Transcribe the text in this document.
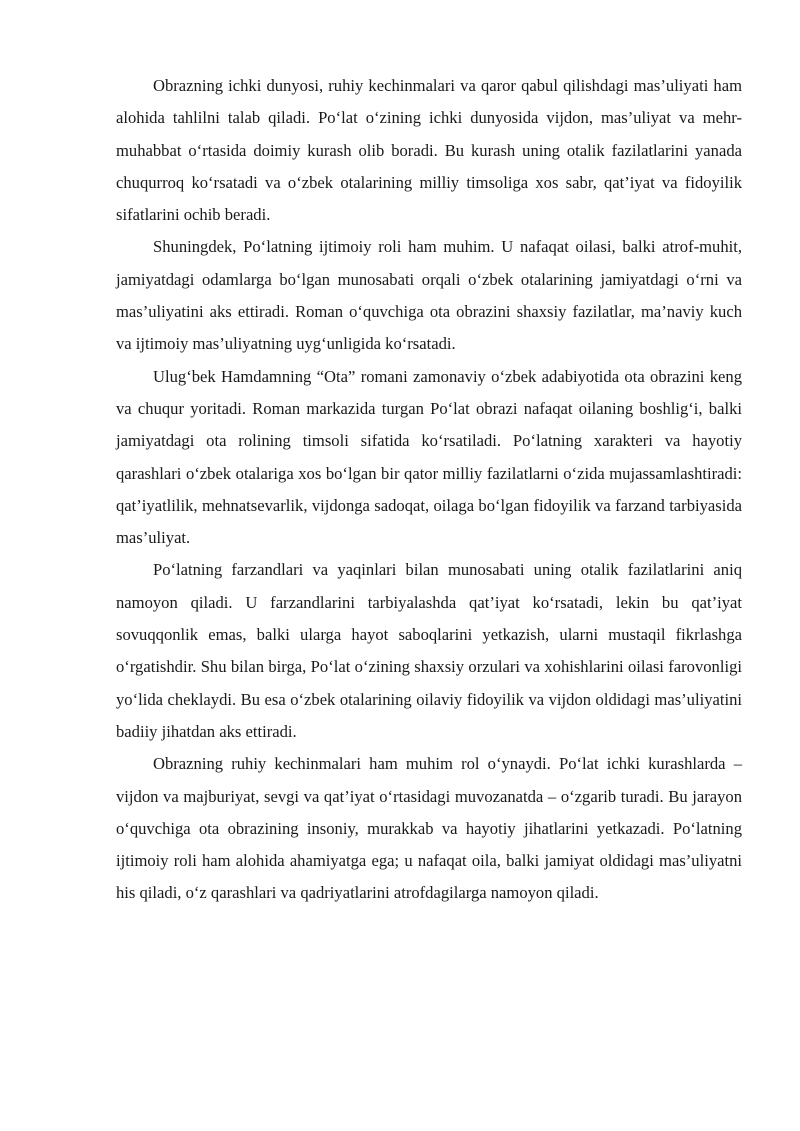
Obrazning ichki dunyosi, ruhiy kechinmalari va qaror qabul qilishdagi mas’uliyati ham alohida tahlilni talab qiladi. Po‘lat o‘zining ichki dunyosida vijdon, mas’uliyat va mehr-muhabbat o‘rtasida doimiy kurash olib boradi. Bu kurash uning otalik fazilatlarini yanada chuqurroq ko‘rsatadi va o‘zbek otalarining milliy timsoliga xos sabr, qat’iyat va fidoyilik sifatlarini ochib beradi.

Shuningdek, Po‘latning ijtimoiy roli ham muhim. U nafaqat oilasi, balki atrof-muhit, jamiyatdagi odamlarga bo‘lgan munosabati orqali o‘zbek otalarining jamiyatdagi o‘rni va mas’uliyatini aks ettiradi. Roman o‘quvchiga ota obrazini shaxsiy fazilatlar, ma’naviy kuch va ijtimoiy mas’uliyatning uyg‘unligida ko‘rsatadi.

Ulug‘bek Hamdamning “Ota” romani zamonaviy o‘zbek adabiyotida ota obrazini keng va chuqur yoritadi. Roman markazida turgan Po‘lat obrazi nafaqat oilaning boshlig‘i, balki jamiyatdagi ota rolining timsoli sifatida ko‘rsatiladi. Po‘latning xarakteri va hayotiy qarashlari o‘zbek otalariga xos bo‘lgan bir qator milliy fazilatlarni o‘zida mujassamlashtiradi: qat’iyatlilik, mehnatsevarlik, vijdonga sadoqat, oilaga bo‘lgan fidoyilik va farzand tarbiyasida mas’uliyat.

Po‘latning farzandlari va yaqinlari bilan munosabati uning otalik fazilatlarini aniq namoyon qiladi. U farzandlarini tarbiyalashda qat’iyat ko‘rsatadi, lekin bu qat’iyat sovuqqonlik emas, balki ularga hayot saboqlarini yetkazish, ularni mustaqil fikrlashga o‘rgatishdir. Shu bilan birga, Po‘lat o‘zining shaxsiy orzulari va xohishlarini oilasi farovonligi yo‘lida cheklaydi. Bu esa o‘zbek otalarining oilaviy fidoyilik va vijdon oldidagi mas’uliyatini badiiy jihatdan aks ettiradi.

Obrazning ruhiy kechinmalari ham muhim rol o‘ynaydi. Po‘lat ichki kurashlarda – vijdon va majburiyat, sevgi va qat’iyat o‘rtasidagi muvozanatda – o‘zgarib turadi. Bu jarayon o‘quvchiga ota obrazining insoniy, murakkab va hayotiy jihatlarini yetkazadi. Po‘latning ijtimoiy roli ham alohida ahamiyatga ega; u nafaqat oila, balki jamiyat oldidagi mas’uliyatni his qiladi, o‘z qarashlari va qadriyatlarini atrofdagilarga namoyon qiladi.
